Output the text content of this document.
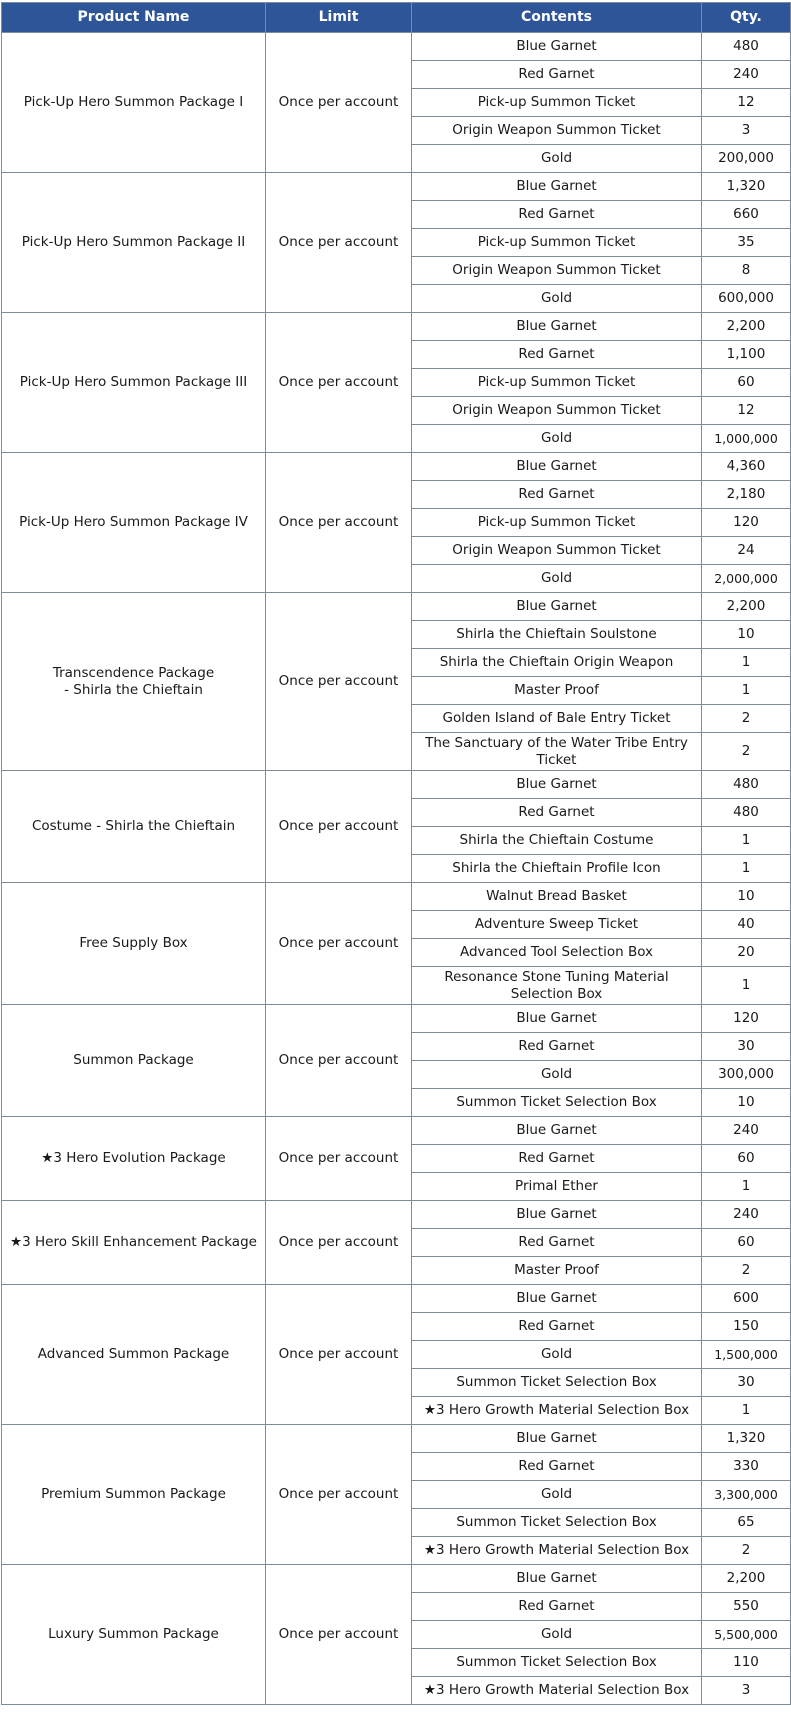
Product Name	Limit	Contents	Qty.
Pick-Up Hero Summon Package I	Once per account	Blue Garnet	480
		Red Garnet	240
		Pick-up Summon Ticket	12
		Origin Weapon Summon Ticket	3
		Gold	200,000
Pick-Up Hero Summon Package II	Once per account	Blue Garnet	1,320
		Red Garnet	660
		Pick-up Summon Ticket	35
		Origin Weapon Summon Ticket	8
		Gold	600,000
Pick-Up Hero Summon Package III	Once per account	Blue Garnet	2,200
		Red Garnet	1,100
		Pick-up Summon Ticket	60
		Origin Weapon Summon Ticket	12
		Gold	1,000,000
Pick-Up Hero Summon Package IV	Once per account	Blue Garnet	4,360
		Red Garnet	2,180
		Pick-up Summon Ticket	120
		Origin Weapon Summon Ticket	24
		Gold	2,000,000
Transcendence Package
- Shirla the Chieftain	Once per account	Blue Garnet	2,200
		Shirla the Chieftain Soulstone	10
		Shirla the Chieftain Origin Weapon	1
		Master Proof	1
		Golden Island of Bale Entry Ticket	2
		The Sanctuary of the Water Tribe Entry Ticket	2
Costume - Shirla the Chieftain	Once per account	Blue Garnet	480
		Red Garnet	480
		Shirla the Chieftain Costume	1
		Shirla the Chieftain Profile Icon	1
Free Supply Box	Once per account	Walnut Bread Basket	10
		Adventure Sweep Ticket	40
		Advanced Tool Selection Box	20
		Resonance Stone Tuning Material Selection Box	1
Summon Package	Once per account	Blue Garnet	120
		Red Garnet	30
		Gold	300,000
		Summon Ticket Selection Box	10
★3 Hero Evolution Package	Once per account	Blue Garnet	240
		Red Garnet	60
		Primal Ether	1
★3 Hero Skill Enhancement Package	Once per account	Blue Garnet	240
		Red Garnet	60
		Master Proof	2
Advanced Summon Package	Once per account	Blue Garnet	600
		Red Garnet	150
		Gold	1,500,000
		Summon Ticket Selection Box	30
		★3 Hero Growth Material Selection Box	1
Premium Summon Package	Once per account	Blue Garnet	1,320
		Red Garnet	330
		Gold	3,300,000
		Summon Ticket Selection Box	65
		★3 Hero Growth Material Selection Box	2
Luxury Summon Package	Once per account	Blue Garnet	2,200
		Red Garnet	550
		Gold	5,500,000
		Summon Ticket Selection Box	110
		★3 Hero Growth Material Selection Box	3
